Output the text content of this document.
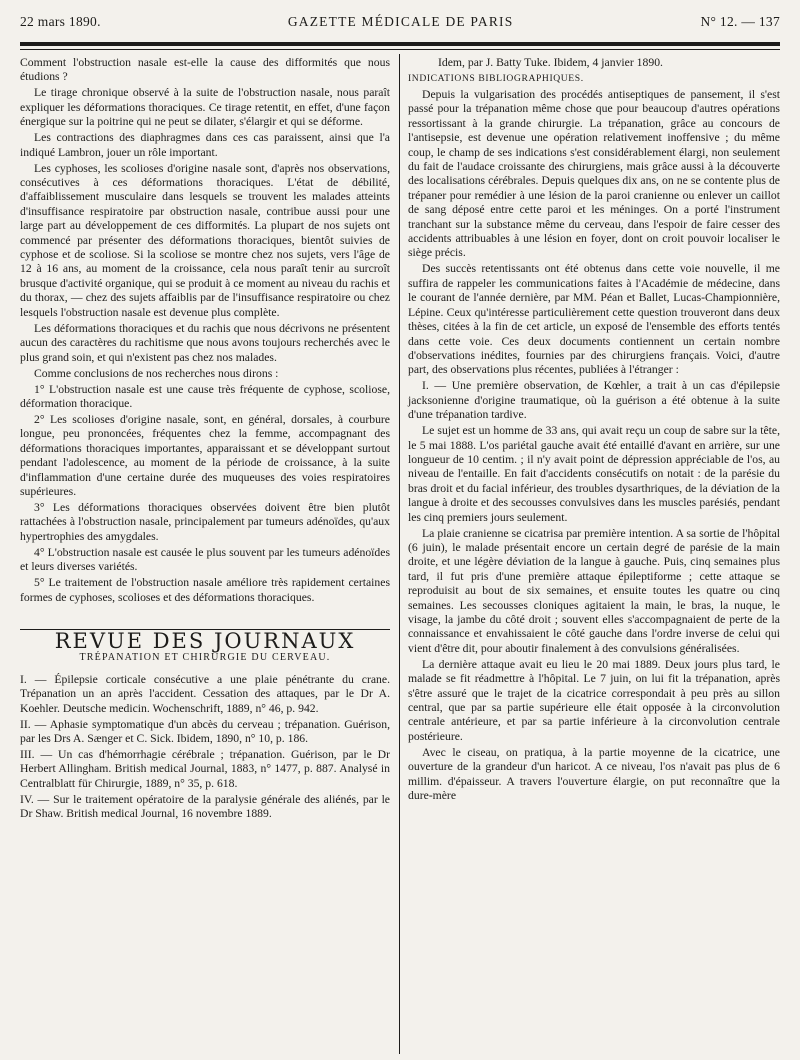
22 mars 1890.	GAZETTE MÉDICALE DE PARIS	N° 12. — 137

Comment l'obstruction nasale est-elle la cause des difformités que nous étudions ?

Le tirage chronique observé à la suite de l'obstruction nasale, nous paraît expliquer les déformations thoraciques. Ce tirage retentit, en effet, d'une façon énergique sur la poitrine qui ne peut se dilater, s'élargir et qui se déforme.

Les contractions des diaphragmes dans ces cas paraissent, ainsi que l'a indiqué Lambron, jouer un rôle important.

Les cyphoses, les scolioses d'origine nasale sont, d'après nos observations, consécutives à ces déformations thoraciques. L'état de débilité, d'affaiblissement musculaire dans lesquels se trouvent les malades atteints d'insuffisance respiratoire par obstruction nasale, contribue aussi pour une large part au développement de ces difformités. La plupart de nos sujets ont commencé par présenter des déformations thoraciques, bientôt suivies de cyphose et de scoliose. Si la scoliose se montre chez nos sujets, vers l'âge de 12 à 16 ans, au moment de la croissance, cela nous paraît tenir au surcroît brusque d'activité organique, qui se produit à ce moment au niveau du rachis et du thorax, — chez des sujets affaiblis par de l'insuffisance respiratoire ou chez lesquels l'obstruction nasale est devenue plus complète.

Les déformations thoraciques et du rachis que nous décrivons ne présentent aucun des caractères du rachitisme que nous avons toujours recherchés avec le plus grand soin, et qui n'existent pas chez nos malades.

Comme conclusions de nos recherches nous dirons :

1° L'obstruction nasale est une cause très fréquente de cyphose, scoliose, déformation thoracique.

2° Les scolioses d'origine nasale, sont, en général, dorsales, à courbure longue, peu prononcées, fréquentes chez la femme, accompagnant des déformations thoraciques importantes, apparaissant et se développant surtout pendant l'adolescence, au moment de la période de croissance, à la suite d'inflammation d'une certaine durée des muqueuses des voies respiratoires supérieures.

3° Les déformations thoraciques observées doivent être bien plutôt rattachées à l'obstruction nasale, principalement par tumeurs adénoïdes, qu'aux hypertrophies des amygdales.

4° L'obstruction nasale est causée le plus souvent par les tumeurs adénoïdes et leurs diverses variétés.

5° Le traitement de l'obstruction nasale améliore très rapidement certaines formes de cyphoses, scolioses et des déformations thoraciques.

REVUE DES JOURNAUX
TRÉPANATION ET CHIRURGIE DU CERVEAU.

I. — Épilepsie corticale consécutive a une plaie pénétrante du crane. Trépanation un an après l'accident. Cessation des attaques, par le Dr A. Koehler. Deutsche medicin. Wochenschrift, 1889, n° 46, p. 942.

II. — Aphasie symptomatique d'un abcès du cerveau ; trépanation. Guérison, par les Drs A. Sænger et C. Sick. Ibidem, 1890, n° 10, p. 186.

III. — Un cas d'hémorrhagie cérébrale ; trépanation. Guérison, par le Dr Herbert Allingham. British medical Journal, 1883, n° 1477, p. 887. Analysé in Centralblatt für Chirurgie, 1889, n° 35, p. 618.

IV. — Sur le traitement opératoire de la paralysie générale des aliénés, par le Dr Shaw. British medical Journal, 16 novembre 1889.

Idem, par J. Batty Tuke. Ibidem, 4 janvier 1890.

INDICATIONS BIBLIOGRAPHIQUES.

Depuis la vulgarisation des procédés antiseptiques de pansement, il s'est passé pour la trépanation même chose que pour beaucoup d'autres opérations ressortissant à la grande chirurgie. La trépanation, grâce au concours de l'antisepsie, est devenue une opération relativement inoffensive ; du même coup, le champ de ses indications s'est considérablement élargi, non seulement du fait de l'audace croissante des chirurgiens, mais grâce aussi à la découverte des localisations cérébrales. Depuis quelques dix ans, on ne se contente plus de trépaner pour remédier à une lésion de la paroi cranienne ou enlever un caillot de sang déposé entre cette paroi et les méninges. On a porté l'instrument tranchant sur la substance même du cerveau, dans l'espoir de faire cesser des accidents attribuables à une lésion en foyer, dont on croit pouvoir localiser le siège précis.

Des succès retentissants ont été obtenus dans cette voie nouvelle, il me suffira de rappeler les communications faites à l'Académie de médecine, dans le courant de l'année dernière, par MM. Péan et Ballet, Lucas-Championnière, Lépine. Ceux qu'intéresse particulièrement cette question trouveront dans deux thèses, citées à la fin de cet article, un exposé de l'ensemble des efforts tentés dans cette voie. Ces deux documents contiennent un certain nombre d'observations inédites, fournies par des chirurgiens français. Voici, d'autre part, des observations plus récentes, publiées à l'étranger :

I. — Une première observation, de Kœhler, a trait à un cas d'épilepsie jacksonienne d'origine traumatique, où la guérison a été obtenue à la suite d'une trépanation tardive.

Le sujet est un homme de 33 ans, qui avait reçu un coup de sabre sur la tête, le 5 mai 1888. L'os pariétal gauche avait été entaillé d'avant en arrière, sur une longueur de 10 centim. ; il n'y avait point de dépression appréciable de l'os, au niveau de l'entaille. En fait d'accidents consécutifs on notait : de la parésie du bras droit et du facial inférieur, des troubles dysarthriques, de la déviation de la langue à droite et des secousses convulsives dans les muscles parésiés, pendant les cinq premiers jours seulement.

La plaie cranienne se cicatrisa par première intention. A sa sortie de l'hôpital (6 juin), le malade présentait encore un certain degré de parésie de la main droite, et une légère déviation de la langue à gauche. Puis, cinq semaines plus tard, il fut pris d'une première attaque épileptiforme ; cette attaque se reproduisit au bout de six semaines, et ensuite toutes les quatre ou cinq semaines. Les secousses cloniques agitaient la main, le bras, la nuque, le visage, la jambe du côté droit ; souvent elles s'accompagnaient de perte de la connaissance et envahissaient le côté gauche dans l'ordre inverse de celui qui vient d'être dit, pour aboutir finalement à des convulsions généralisées.

La dernière attaque avait eu lieu le 20 mai 1889. Deux jours plus tard, le malade se fit réadmettre à l'hôpital. Le 7 juin, on lui fit la trépanation, après s'être assuré que le trajet de la cicatrice correspondait à peu près au sillon central, que par sa partie supérieure elle était opposée à la circonvolution centrale antérieure, et par sa partie inférieure à la circonvolution centrale postérieure.

Avec le ciseau, on pratiqua, à la partie moyenne de la cicatrice, une ouverture de la grandeur d'un haricot. A ce niveau, l'os n'avait pas plus de 6 millim. d'épaisseur. A travers l'ouverture élargie, on put reconnaître que la dure-mère
